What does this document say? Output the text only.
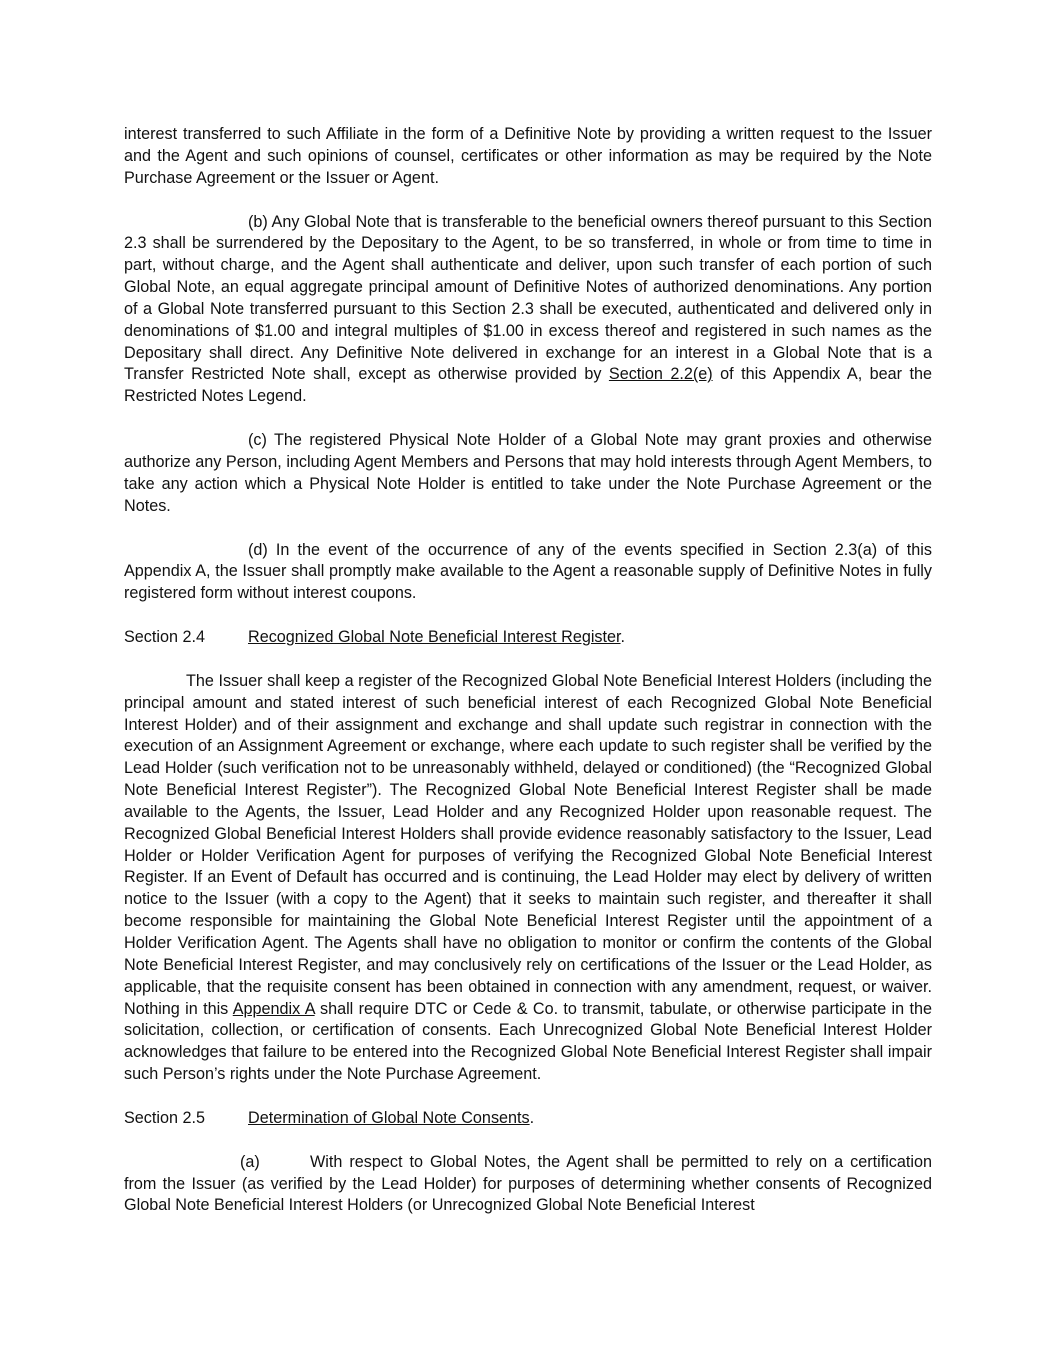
interest transferred to such Affiliate in the form of a Definitive Note by providing a written request to the Issuer and the Agent and such opinions of counsel, certificates or other information as may be required by the Note Purchase Agreement or the Issuer or Agent.

(b) Any Global Note that is transferable to the beneficial owners thereof pursuant to this Section 2.3 shall be surrendered by the Depositary to the Agent, to be so transferred, in whole or from time to time in part, without charge, and the Agent shall authenticate and deliver, upon such transfer of each portion of such Global Note, an equal aggregate principal amount of Definitive Notes of authorized denominations. Any portion of a Global Note transferred pursuant to this Section 2.3 shall be executed, authenticated and delivered only in denominations of $1.00 and integral multiples of $1.00 in excess thereof and registered in such names as the Depositary shall direct. Any Definitive Note delivered in exchange for an interest in a Global Note that is a Transfer Restricted Note shall, except as otherwise provided by Section 2.2(e) of this Appendix A, bear the Restricted Notes Legend.

(c) The registered Physical Note Holder of a Global Note may grant proxies and otherwise authorize any Person, including Agent Members and Persons that may hold interests through Agent Members, to take any action which a Physical Note Holder is entitled to take under the Note Purchase Agreement or the Notes.

(d) In the event of the occurrence of any of the events specified in Section 2.3(a) of this Appendix A, the Issuer shall promptly make available to the Agent a reasonable supply of Definitive Notes in fully registered form without interest coupons.

Section 2.4	Recognized Global Note Beneficial Interest Register.

The Issuer shall keep a register of the Recognized Global Note Beneficial Interest Holders (including the principal amount and stated interest of such beneficial interest of each Recognized Global Note Beneficial Interest Holder) and of their assignment and exchange and shall update such registrar in connection with the execution of an Assignment Agreement or exchange, where each update to such register shall be verified by the Lead Holder (such verification not to be unreasonably withheld, delayed or conditioned) (the “Recognized Global Note Beneficial Interest Register”). The Recognized Global Note Beneficial Interest Register shall be made available to the Agents, the Issuer, Lead Holder and any Recognized Holder upon reasonable request. The Recognized Global Beneficial Interest Holders shall provide evidence reasonably satisfactory to the Issuer, Lead Holder or Holder Verification Agent for purposes of verifying the Recognized Global Note Beneficial Interest Register. If an Event of Default has occurred and is continuing, the Lead Holder may elect by delivery of written notice to the Issuer (with a copy to the Agent) that it seeks to maintain such register, and thereafter it shall become responsible for maintaining the Global Note Beneficial Interest Register until the appointment of a Holder Verification Agent. The Agents shall have no obligation to monitor or confirm the contents of the Global Note Beneficial Interest Register, and may conclusively rely on certifications of the Issuer or the Lead Holder, as applicable, that the requisite consent has been obtained in connection with any amendment, request, or waiver. Nothing in this Appendix A shall require DTC or Cede & Co. to transmit, tabulate, or otherwise participate in the solicitation, collection, or certification of consents. Each Unrecognized Global Note Beneficial Interest Holder acknowledges that failure to be entered into the Recognized Global Note Beneficial Interest Register shall impair such Person’s rights under the Note Purchase Agreement.

Section 2.5	Determination of Global Note Consents.

(a)	With respect to Global Notes, the Agent shall be permitted to rely on a certification from the Issuer (as verified by the Lead Holder) for purposes of determining whether consents of Recognized Global Note Beneficial Interest Holders (or Unrecognized Global Note Beneficial Interest
